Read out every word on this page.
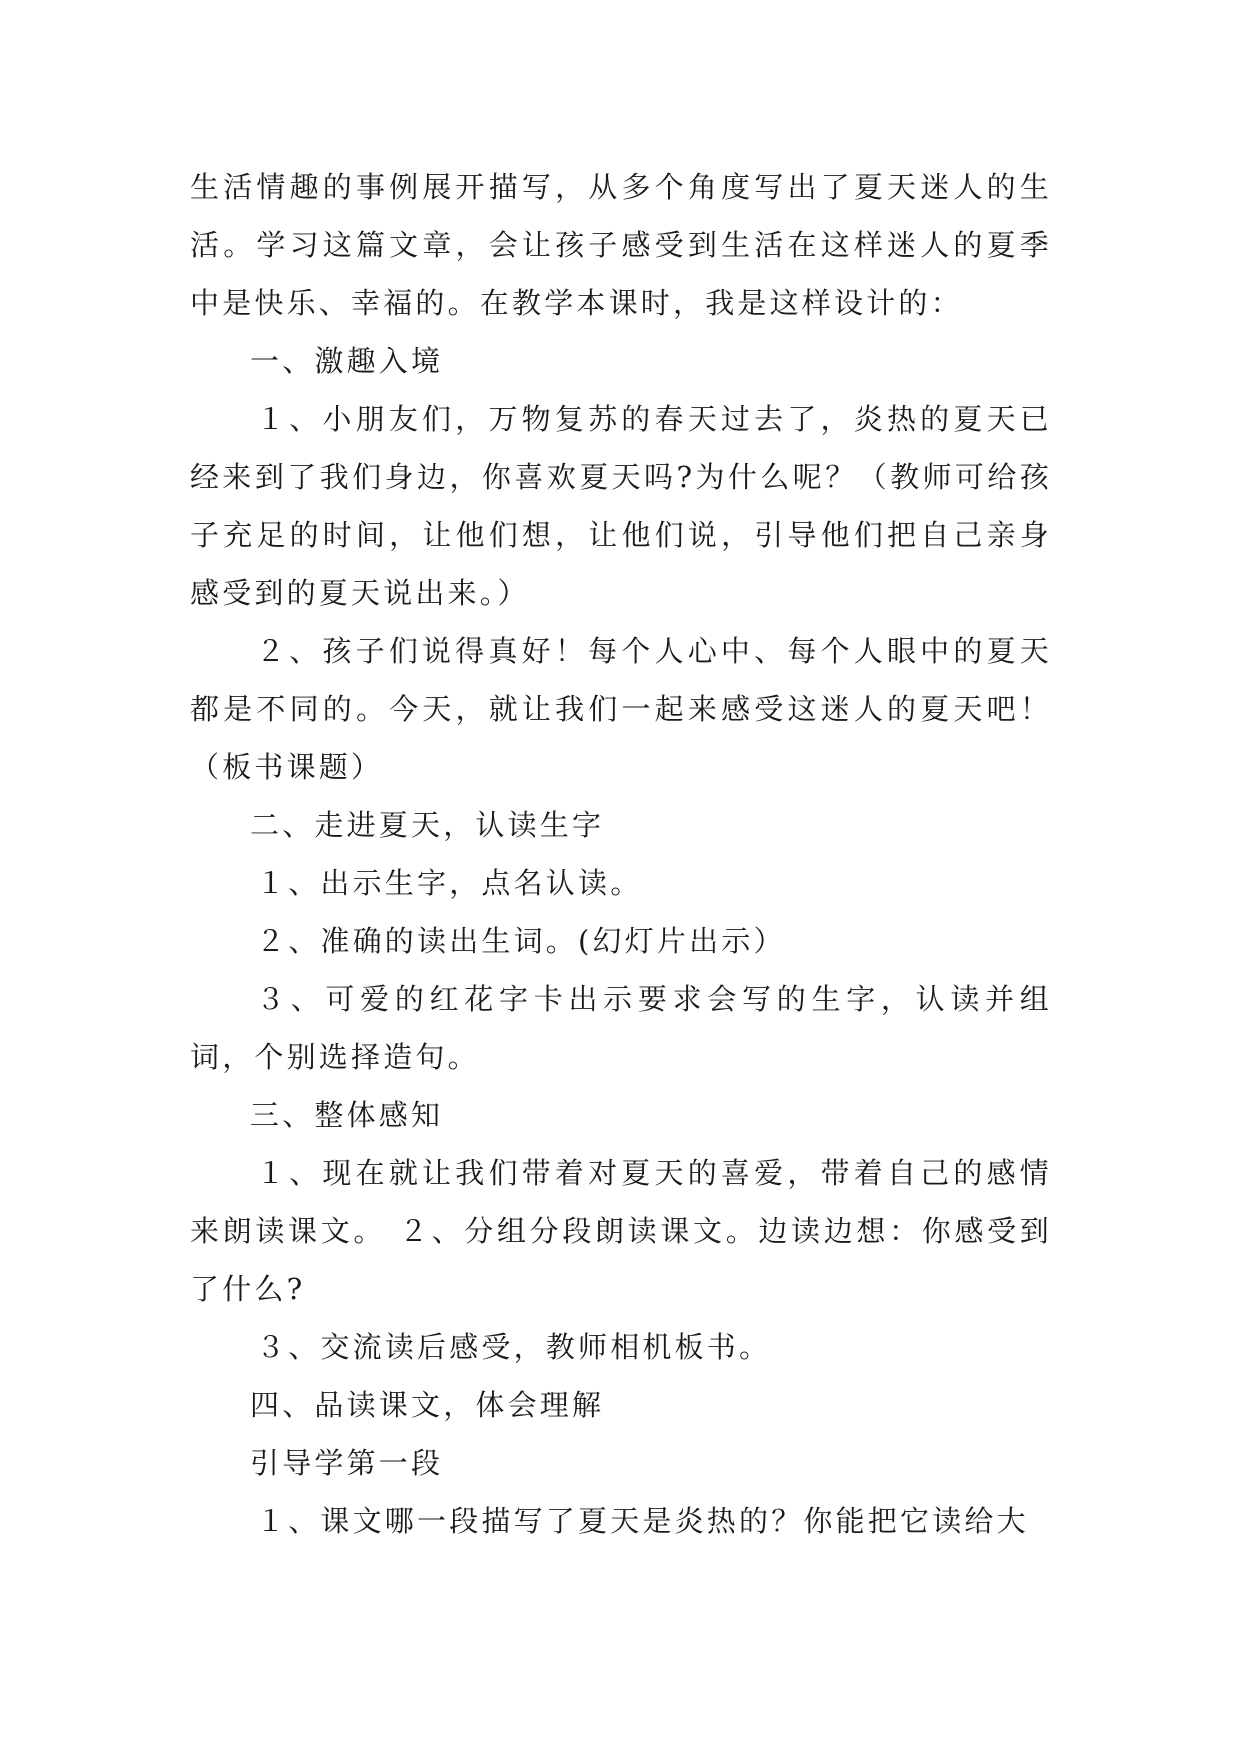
生活情趣的事例展开描写，从多个角度写出了夏天迷人的生活。学习这篇文章，会让孩子感受到生活在这样迷人的夏季中是快乐、幸福的。在教学本课时，我是这样设计的：

一、激趣入境

１、小朋友们，万物复苏的春天过去了，炎热的夏天已经来到了我们身边，你喜欢夏天吗?为什么呢？（教师可给孩子充足的时间，让他们想，让他们说，引导他们把自己亲身感受到的夏天说出来。）

２、孩子们说得真好！每个人心中、每个人眼中的夏天都是不同的。今天，就让我们一起来感受这迷人的夏天吧！（板书课题）

二、走进夏天，认读生字

１、出示生字，点名认读。

２、准确的读出生词。(幻灯片出示）

３、可爱的红花字卡出示要求会写的生字，认读并组词，个别选择造句。

三、整体感知

１、现在就让我们带着对夏天的喜爱，带着自己的感情来朗读课文。 ２、分组分段朗读课文。边读边想：你感受到了什么?

３、交流读后感受，教师相机板书。

四、品读课文，体会理解

引导学第一段

１、课文哪一段描写了夏天是炎热的？你能把它读给大
